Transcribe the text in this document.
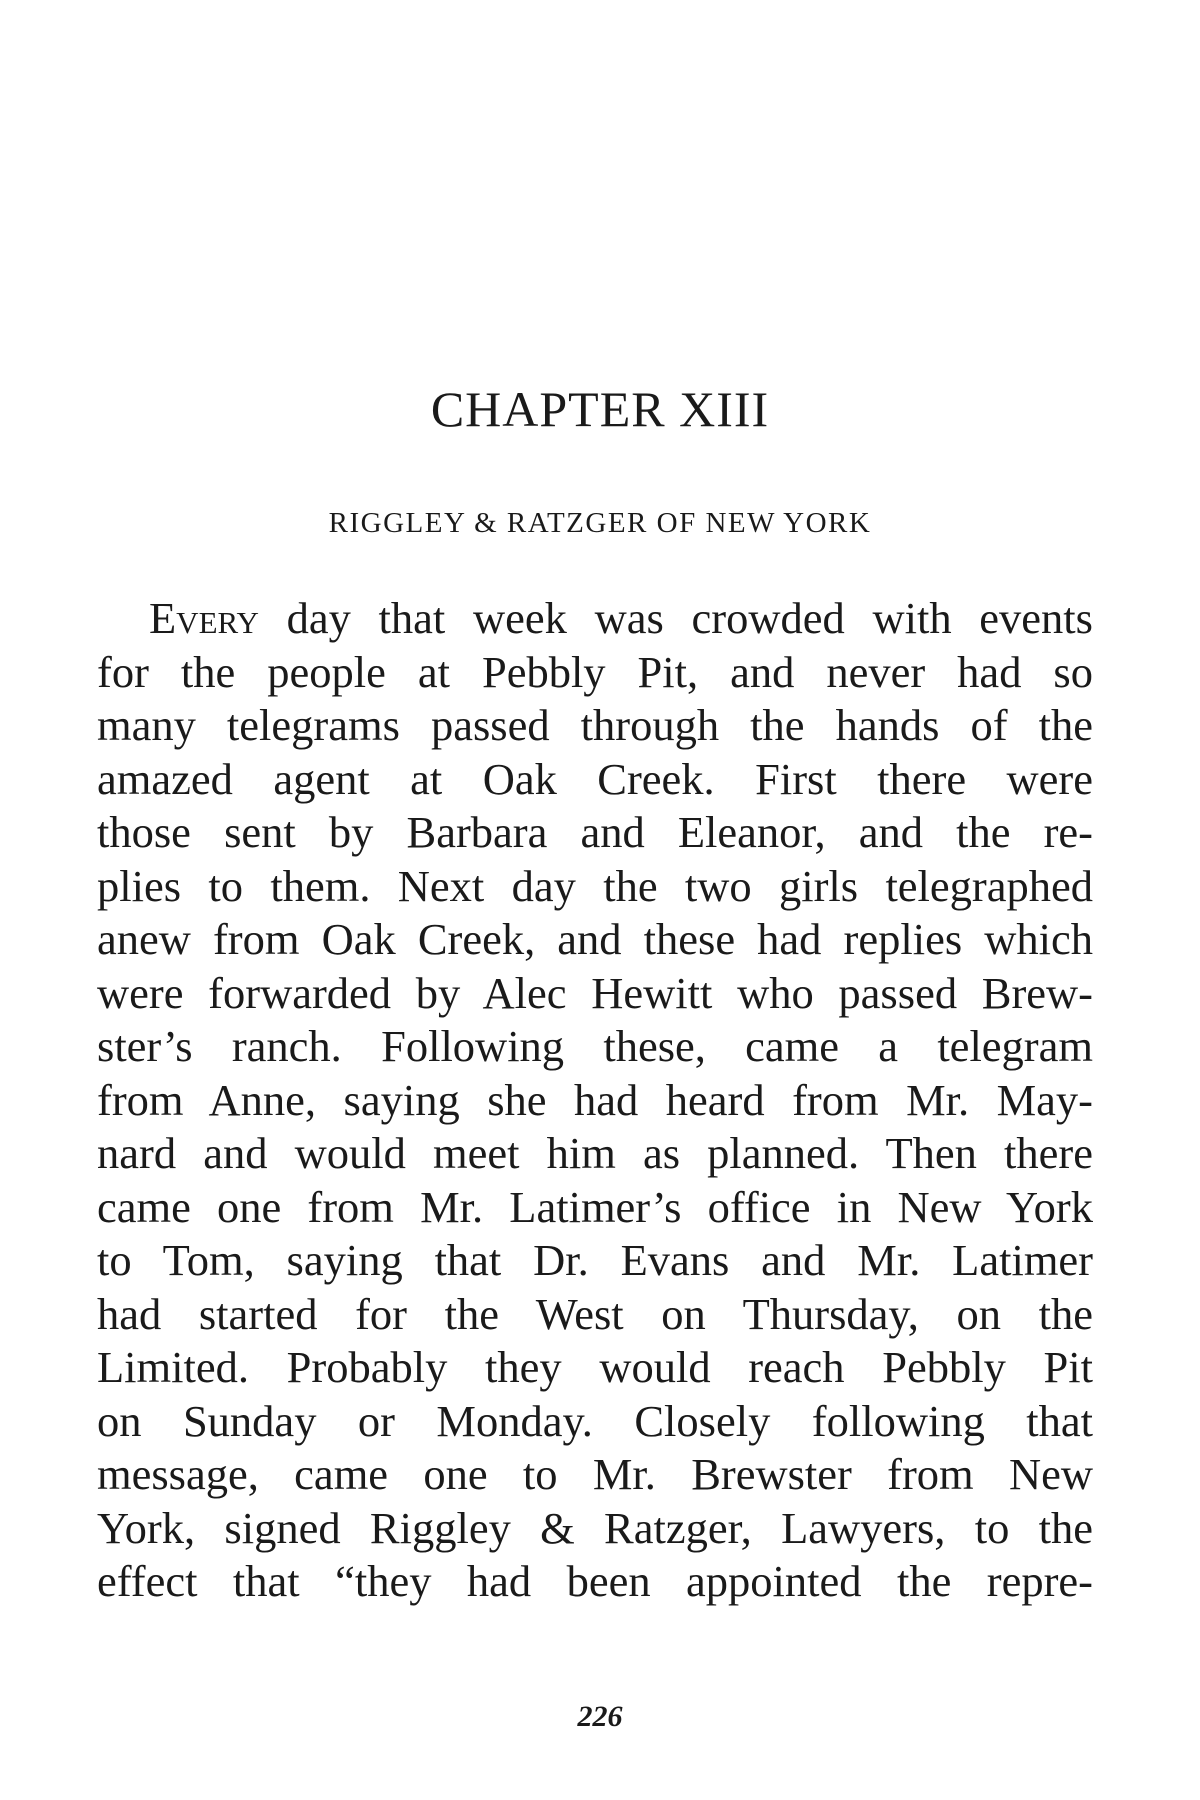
CHAPTER XIII
RIGGLEY & RATZGER OF NEW YORK
Every day that week was crowded with events
for the people at Pebbly Pit, and never had so
many telegrams passed through the hands of the
amazed agent at Oak Creek. First there were
those sent by Barbara and Eleanor, and the re-
plies to them. Next day the two girls telegraphed
anew from Oak Creek, and these had replies which
were forwarded by Alec Hewitt who passed Brew-
ster’s ranch. Following these, came a telegram
from Anne, saying she had heard from Mr. May-
nard and would meet him as planned. Then there
came one from Mr. Latimer’s office in New York
to Tom, saying that Dr. Evans and Mr. Latimer
had started for the West on Thursday, on the
Limited. Probably they would reach Pebbly Pit
on Sunday or Monday. Closely following that
message, came one to Mr. Brewster from New
York, signed Riggley & Ratzger, Lawyers, to the
effect that “they had been appointed the repre-
226
